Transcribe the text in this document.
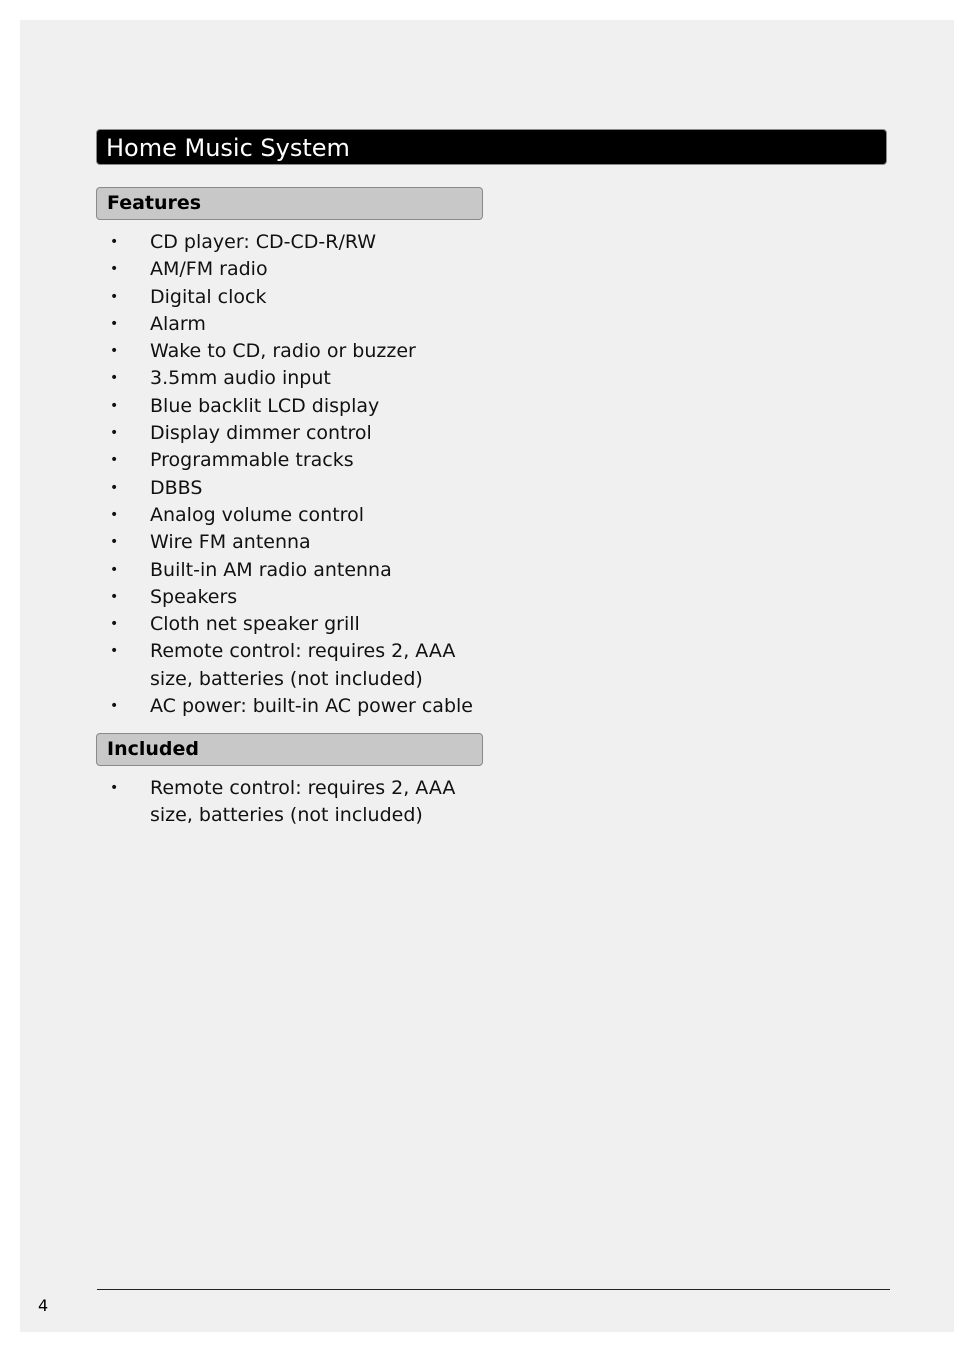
Home Music System
Features
• CD player: CD-CD-R/RW
• AM/FM radio
• Digital clock
• Alarm
• Wake to CD, radio or buzzer
• 3.5mm audio input
• Blue backlit LCD display
• Display dimmer control
• Programmable tracks
• DBBS
• Analog volume control
• Wire FM antenna
• Built-in AM radio antenna
• Speakers
• Cloth net speaker grill
• Remote control: requires 2, AAA
size, batteries (not included)
• AC power: built-in AC power cable
Included
• Remote control: requires 2, AAA
size, batteries (not included)
4
